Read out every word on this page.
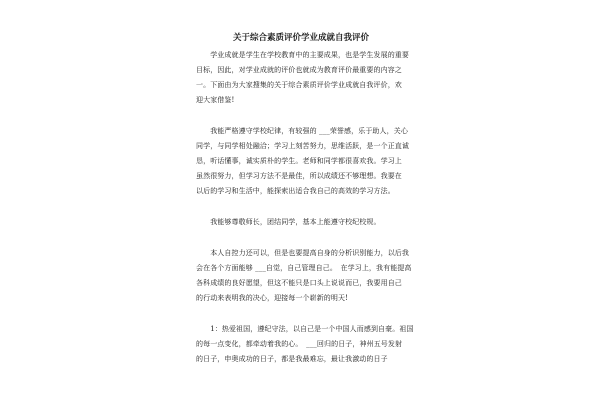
关于综合素质评价学业成就自我评价

　　学业成就是学生在学校教育中的主要成果，也是学生发展的重要
目标，因此，对学业成就的评价也就成为教育评价最重要的内容之
一。下面由为大家搜集的关于综合素质评价学业成就自我评价，欢
迎大家借鉴!

　　我能严格遵守学校纪律，有较强的 ___荣誉感，乐于助人，关心
同学，与同学相处融洽；学习上刻苦努力，思维活跃，是一个正直诚
恳，听话懂事，诚实质朴的学生。老师和同学都很喜欢我。学习上
虽然很努力，但学习方法不是最佳，所以成绩还不够理想。我要在
以后的学习和生活中，能探索出适合我自己的高效的学习方法。

　　我能够尊敬师长，团结同学，基本上能遵守校纪校规。

　　本人自控力还可以，但是也要提高自身的分析识别能力，以后我
会在各个方面能够 ___自觉，自己管理自己。　在学习上，我有能提高
各科成绩的良好愿望，但这不能只是口头上说说而已，我要用自己
的行动来表明我的决心，迎接每一个崭新的明天!

　　1：热爱祖国，遵纪守法，以自己是一个中国人而感到自豪。祖国
的每一点变化，都牵动着我的心。　___回归的日子，神州五号发射
的日子，申奥成功的日子，都是我最难忘，最让我激动的日子
